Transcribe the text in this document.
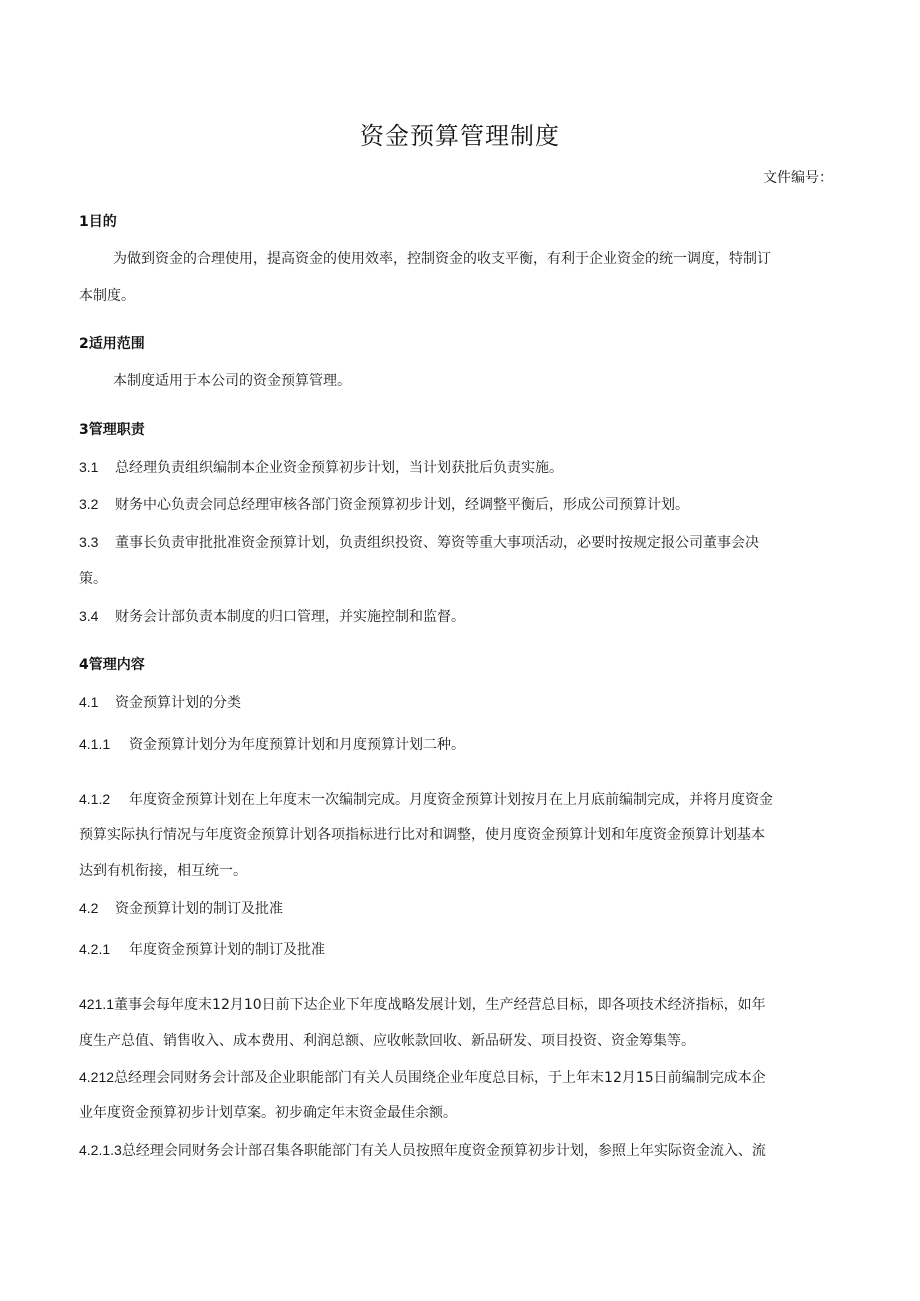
资金预算管理制度
文件编号：
1目的
为做到资金的合理使用，提高资金的使用效率，控制资金的收支平衡，有利于企业资金的统一调度，特制订
本制度。
2适用范围
本制度适用于本公司的资金预算管理。
3管理职责
3.1 总经理负责组织编制本企业资金预算初步计划，当计划获批后负责实施。
3.2 财务中心负责会同总经理审核各部门资金预算初步计划，经调整平衡后，形成公司预算计划。
3.3 董事长负责审批批准资金预算计划，负责组织投资、筹资等重大事项活动，必要时按规定报公司董事会决
策。
3.4 财务会计部负责本制度的归口管理，并实施控制和监督。
4管理内容
4.1 资金预算计划的分类
4.1.1 资金预算计划分为年度预算计划和月度预算计划二种。
4.1.2 年度资金预算计划在上年度末一次编制完成。月度资金预算计划按月在上月底前编制完成，并将月度资金
预算实际执行情况与年度资金预算计划各项指标进行比对和调整，使月度资金预算计划和年度资金预算计划基本
达到有机衔接，相互统一。
4.2 资金预算计划的制订及批准
4.2.1 年度资金预算计划的制订及批准
421.1董事会每年度末12月10日前下达企业下年度战略发展计划，生产经营总目标，即各项技术经济指标，如年
度生产总值、销售收入、成本费用、利润总额、应收帐款回收、新品研发、项目投资、资金筹集等。
4.212总经理会同财务会计部及企业职能部门有关人员围绕企业年度总目标，于上年末12月15日前编制完成本企
业年度资金预算初步计划草案。初步确定年末资金最佳余额。
4.2.1.3总经理会同财务会计部召集各职能部门有关人员按照年度资金预算初步计划，参照上年实际资金流入、流
